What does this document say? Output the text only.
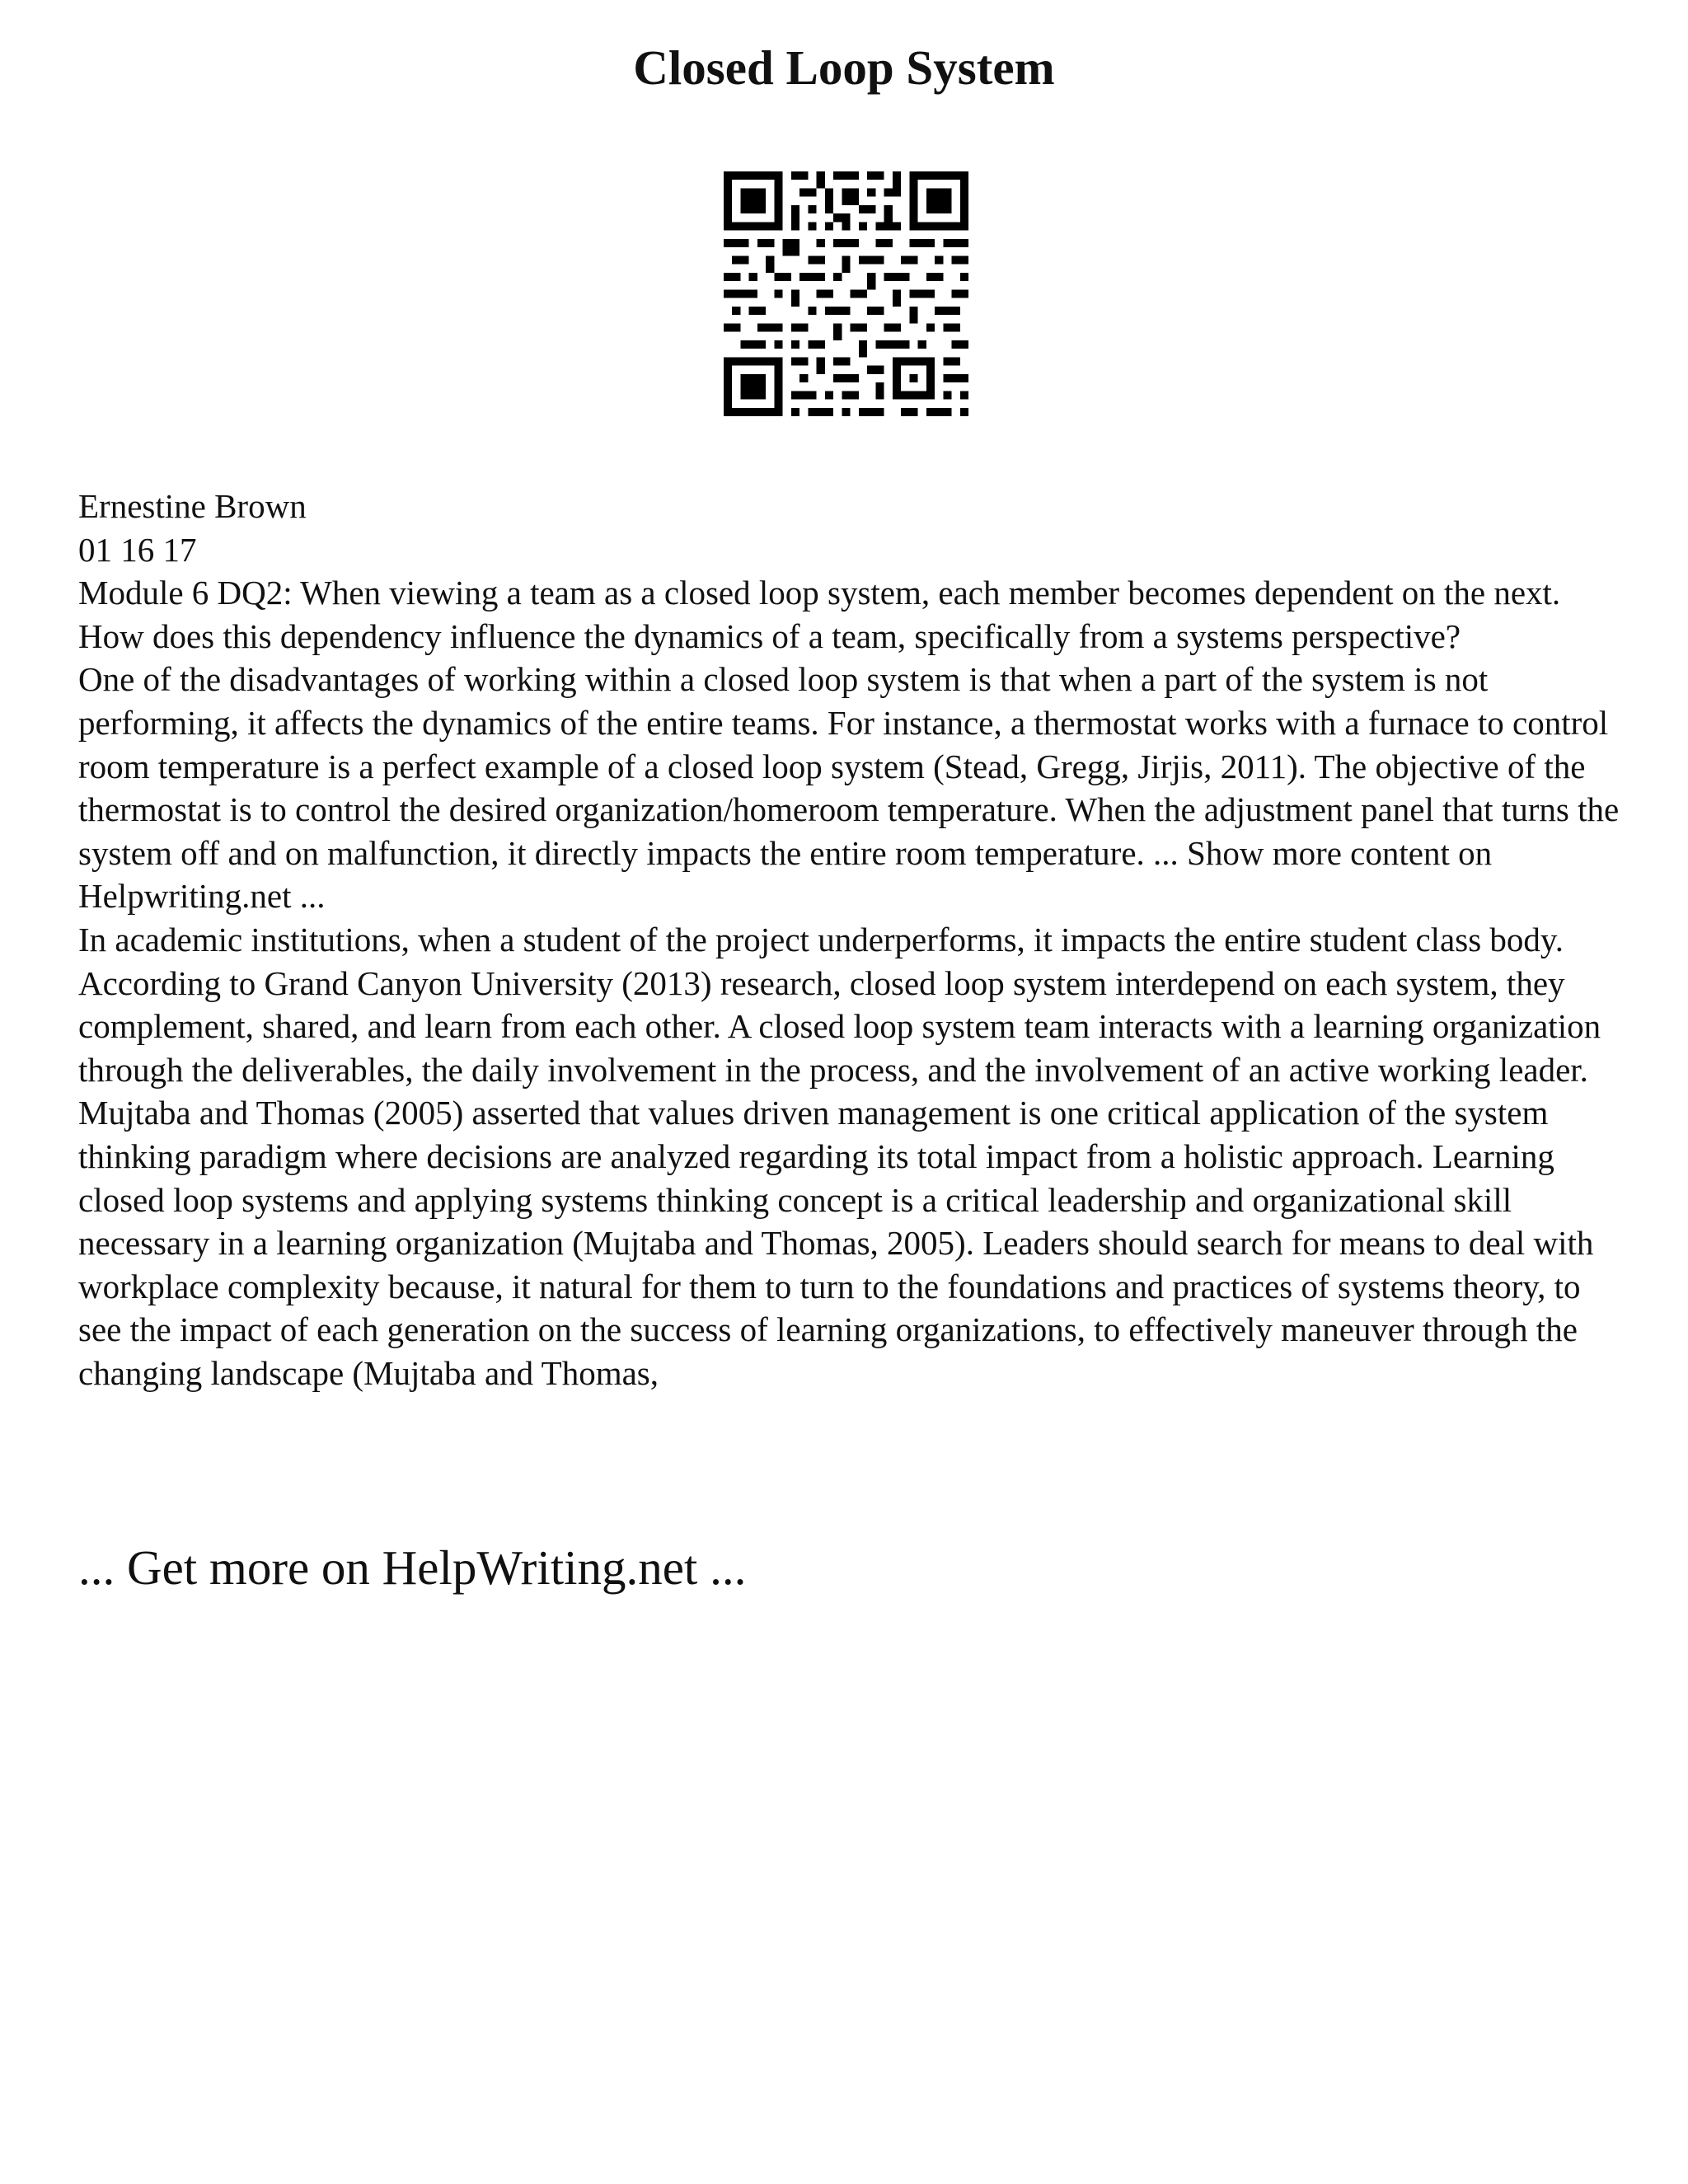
Closed Loop System

Ernestine Brown

01 16 17

Module 6 DQ2: When viewing a team as a closed loop system, each member becomes dependent on the next. How does this dependency influence the dynamics of a team, specifically from a systems perspective?

One of the disadvantages of working within a closed loop system is that when a part of the system is not performing, it affects the dynamics of the entire teams. For instance, a thermostat works with a furnace to control room temperature is a perfect example of a closed loop system (Stead, Gregg, Jirjis, 2011). The objective of the thermostat is to control the desired organization/homeroom temperature. When the adjustment panel that turns the system off and on malfunction, it directly impacts the entire room temperature. ... Show more content on Helpwriting.net ...

In academic institutions, when a student of the project underperforms, it impacts the entire student class body. According to Grand Canyon University (2013) research, closed loop system interdepend on each system, they complement, shared, and learn from each other. A closed loop system team interacts with a learning organization through the deliverables, the daily involvement in the process, and the involvement of an active working leader. Mujtaba and Thomas (2005) asserted that values driven management is one critical application of the system thinking paradigm where decisions are analyzed regarding its total impact from a holistic approach. Learning closed loop systems and applying systems thinking concept is a critical leadership and organizational skill necessary in a learning organization (Mujtaba and Thomas, 2005). Leaders should search for means to deal with workplace complexity because, it natural for them to turn to the foundations and practices of systems theory, to see the impact of each generation on the success of learning organizations, to effectively maneuver through the changing landscape (Mujtaba and Thomas,

... Get more on HelpWriting.net ...
